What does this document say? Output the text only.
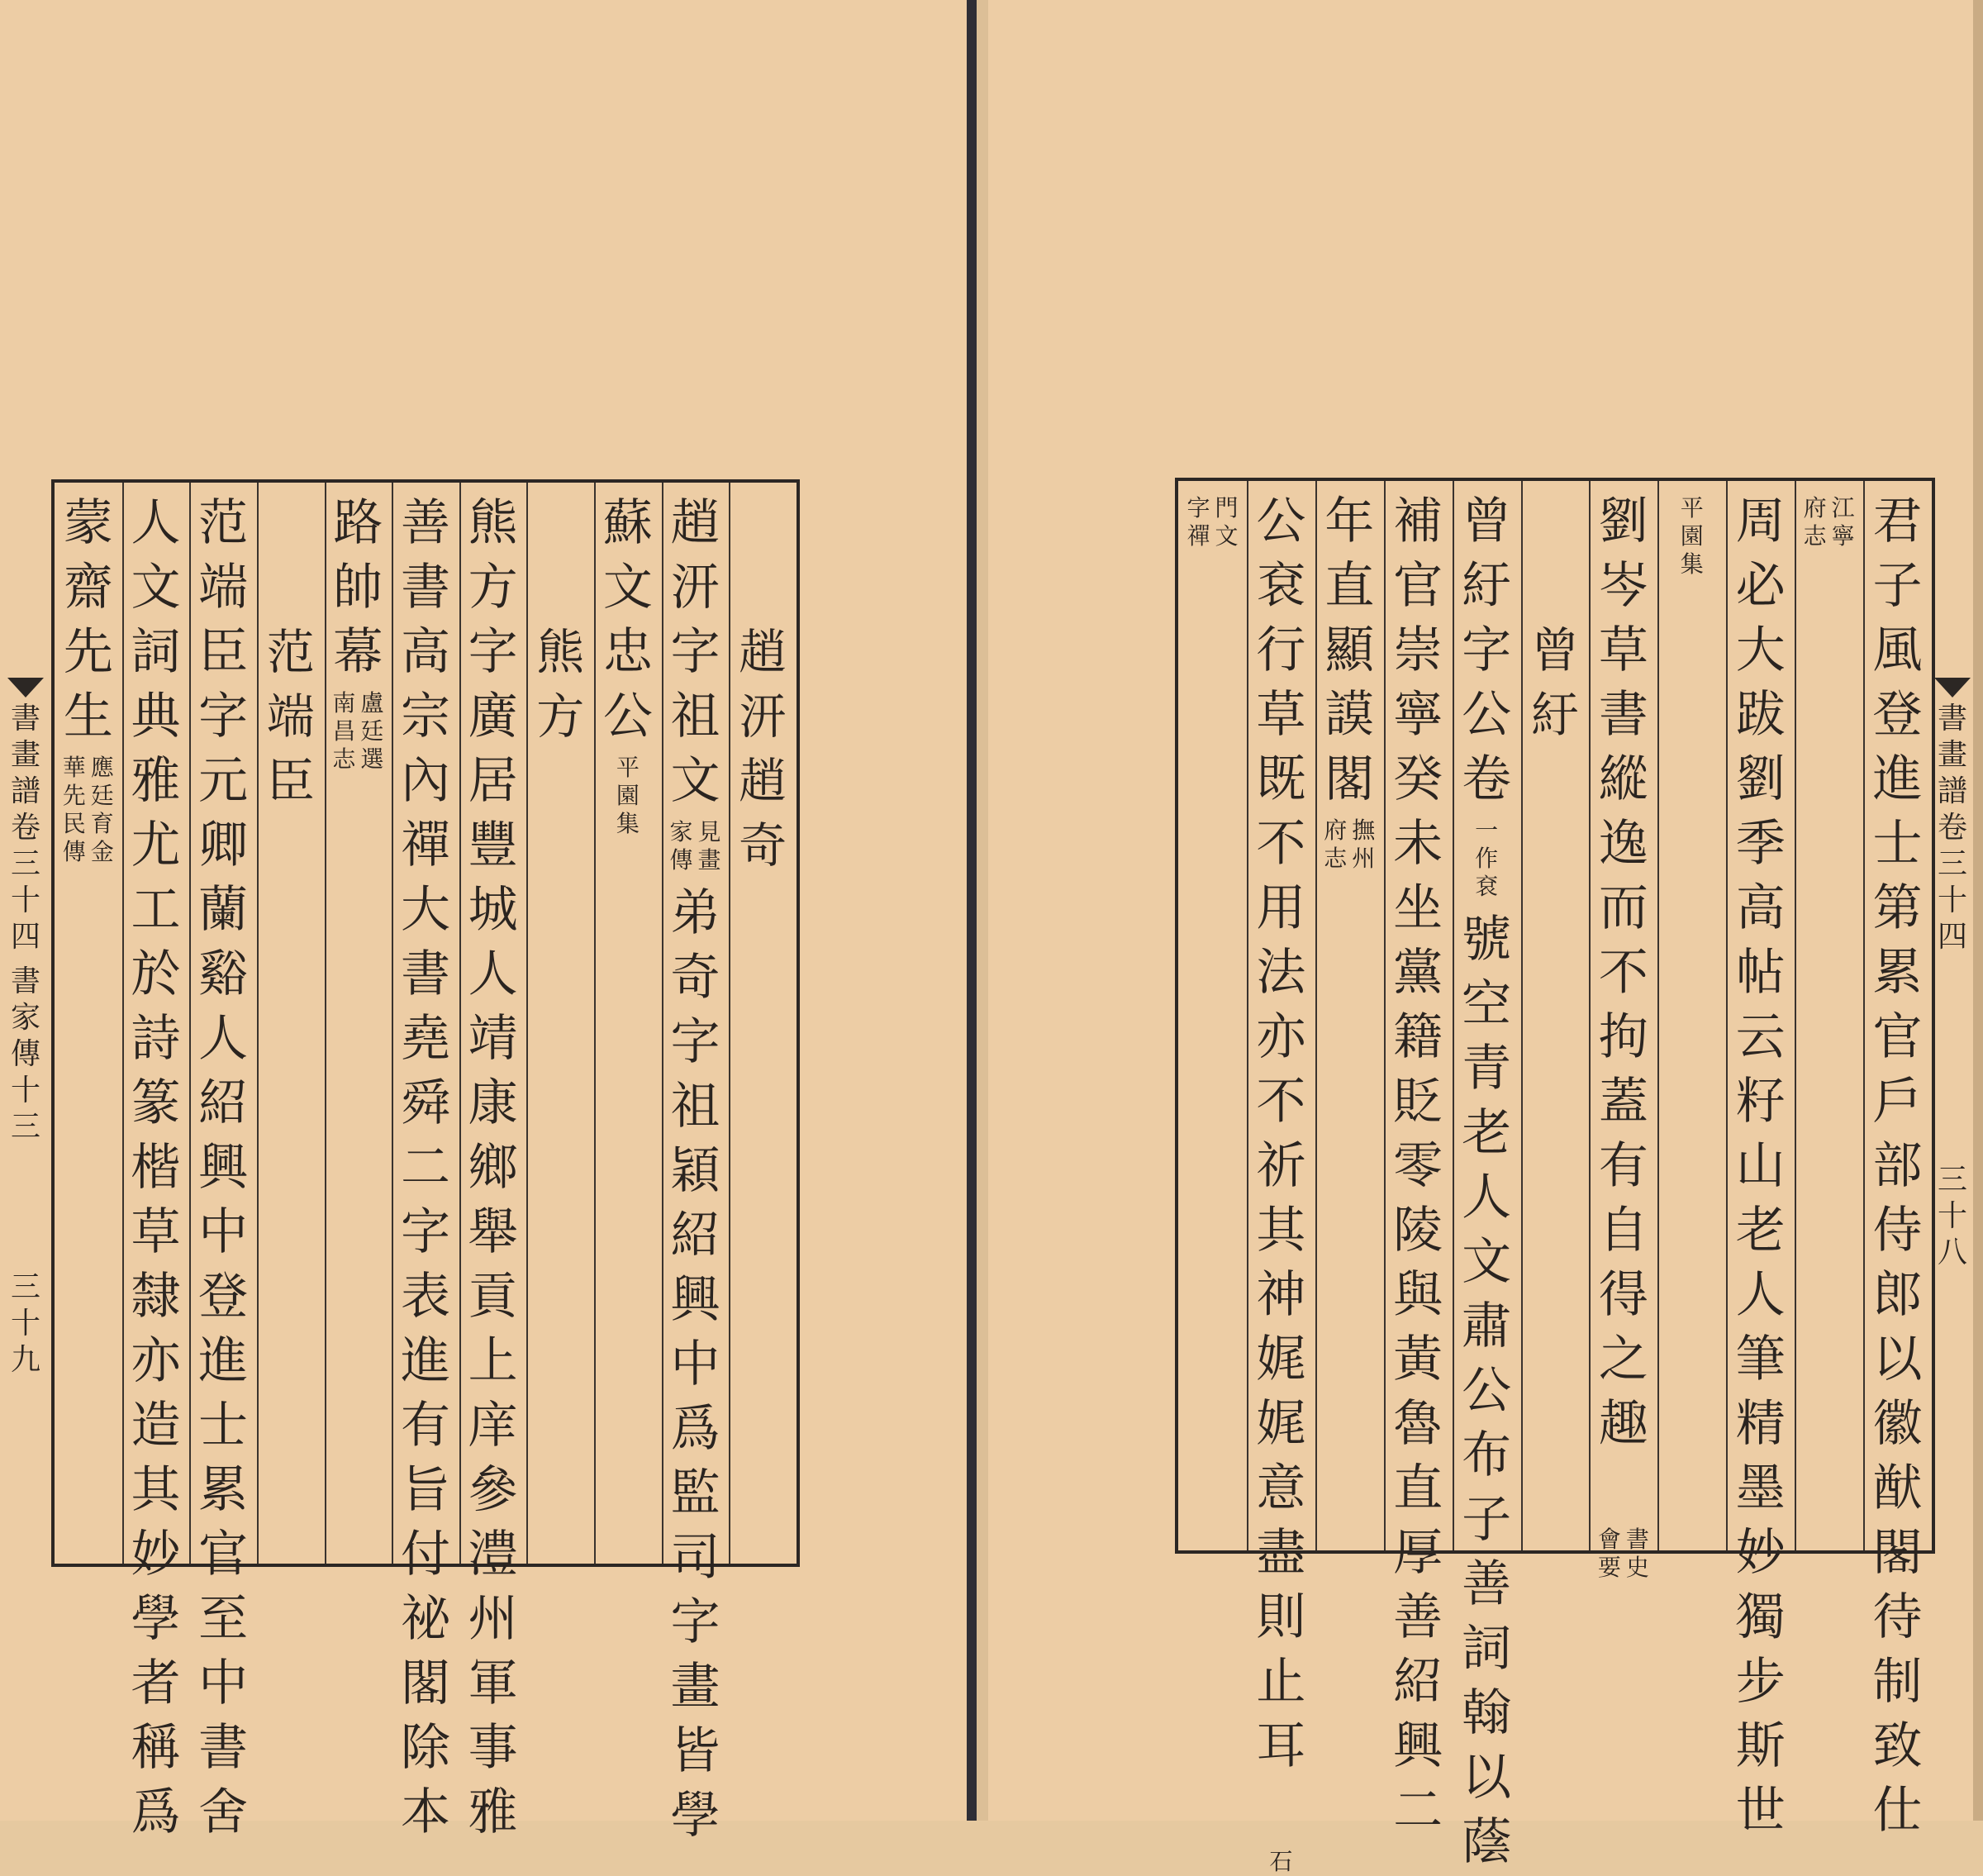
趙
汧
趙
奇
趙
汧
字
祖
文
弟
奇
字
祖
穎
紹
興
中
爲
監
司
字
畫
皆
學
見
畫
家
傳
蘇
文
忠
公
平
園
集
熊
方
熊
方
字
廣
居
豐
城
人
靖
康
鄉
舉
貢
上
庠
參
澧
州
軍
事
雅
善
書
高
宗
內
禪
大
書
堯
舜
二
字
表
進
有
旨
付
祕
閣
除
本
路
帥
幕
盧
廷
選
南
昌
志
范
端
臣
范
端
臣
字
元
卿
蘭
谿
人
紹
興
中
登
進
士
累
官
至
中
書
舍
人
文
詞
典
雅
尤
工
於
詩
篆
楷
草
隸
亦
造
其
妙
學
者
稱
爲
蒙
齋
先
生
應
廷
育
金
華
先
民
傳
君
子
風
登
進
士
第
累
官
戶
部
侍
郎
以
徽
猷
閣
待
制
致
仕
江
寧
府
志
周
必
大
跋
劉
季
高
帖
云
籽
山
老
人
筆
精
墨
妙
獨
步
斯
世
平
園
集
劉
岑
草
書
縱
逸
而
不
拘
蓋
有
自
得
之
趣
書
史
會
要
曾
紆
曾
紆
字
公
卷
號
空
青
老
人
文
肅
公
布
子
善
詞
翰
以
蔭
一
作
袞
補
官
崇
寧
癸
未
坐
黨
籍
貶
零
陵
與
黃
魯
直
厚
善
紹
興
二
年
直
顯
謨
閣
撫
州
府
志
公
袞
行
草
既
不
用
法
亦
不
祈
其
神
娓
娓
意
盡
則
止
耳
石
門
文
字
禪
書
畫
譜
卷
三
十
四
書
家
傳
十
三
三
十
九
書
畫
譜
卷
三
十
四
三
十
八
